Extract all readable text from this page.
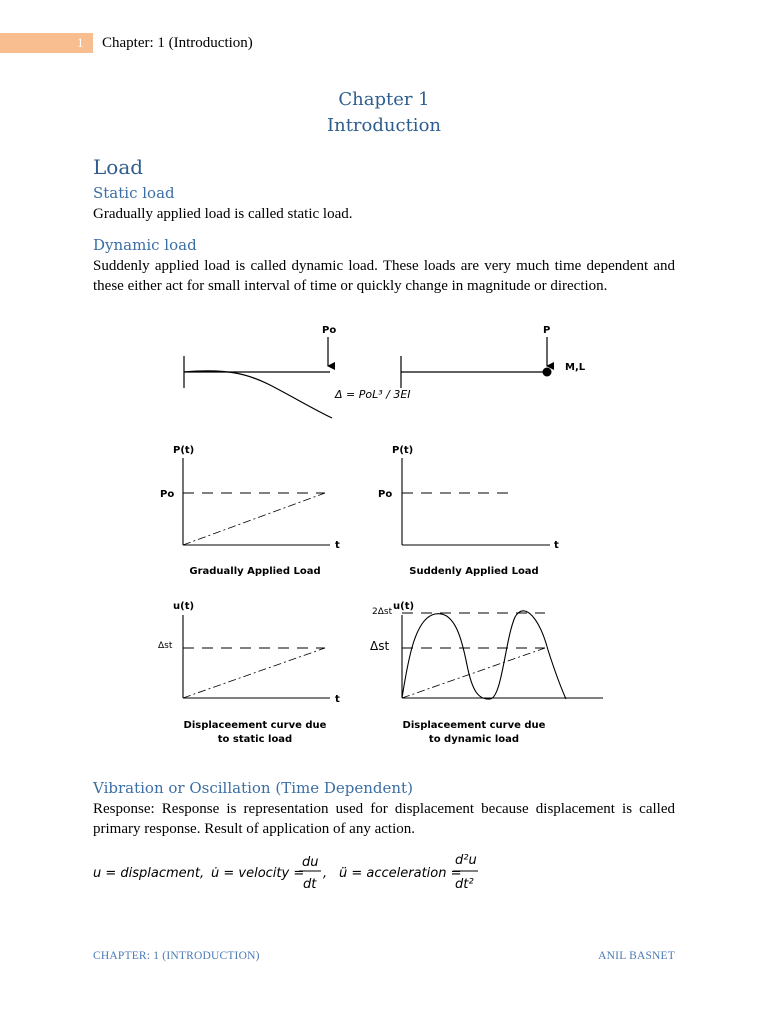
1 Chapter: 1 (Introduction)
Chapter 1
Introduction
Load
Static load
Gradually applied load is called static load.
Dynamic load
Suddenly applied load is called dynamic load. These loads are very much time dependent and these either act for small interval of time or quickly change in magnitude or direction.
Po
Δ = PoL³ / 3EI
P
M,L
P(t)
Po
t
Gradually Applied Load
P(t)
Po
t
Suddenly Applied Load
u(t)
Δst
t
Displaceement curve due
to static load
u(t)
2Δst
Δst
Displaceement curve due
to dynamic load
Vibration or Oscillation (Time Dependent)
Response: Response is representation used for displacement because displacement is called primary response. Result of application of any action.
u = displacment, u̇ = velocity =
du
dt
, ü = acceleration =
d²u
dt²
CHAPTER: 1 (INTRODUCTION)	ANIL BASNET
